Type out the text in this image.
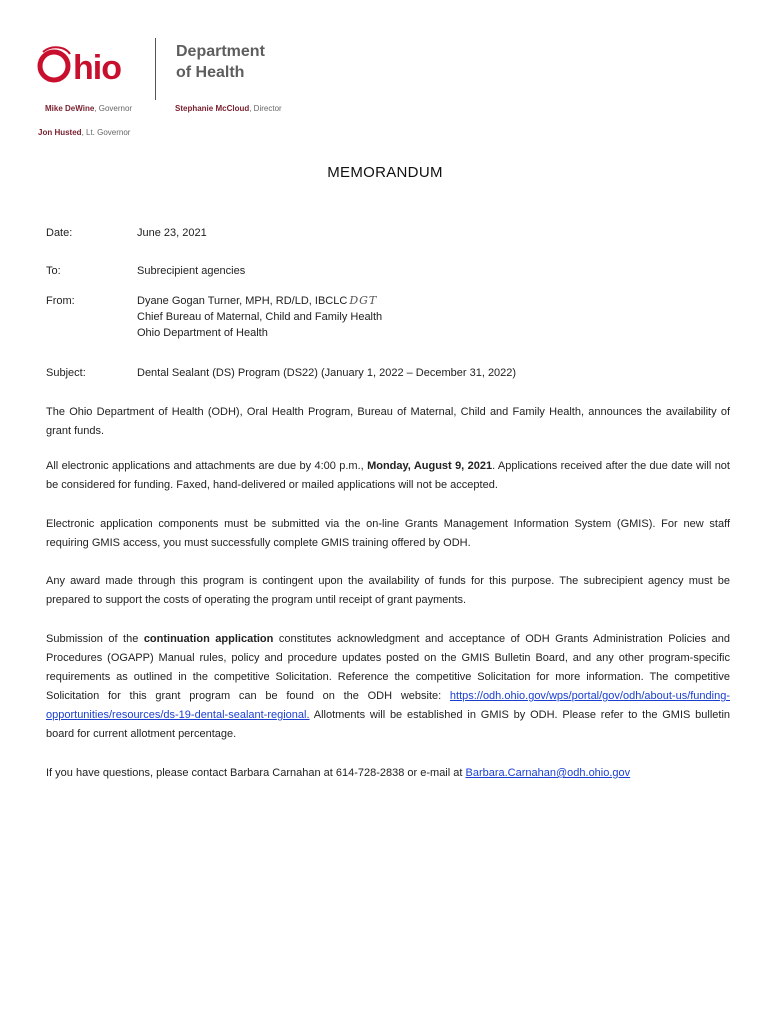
hio	Department
of Health
Mike DeWine, Governor	Stephanie McCloud, Director
Jon Husted, Lt. Governor
MEMORANDUM
Date:	June 23, 2021
To:	Subrecipient agencies
From:	Dyane Gogan Turner, MPH, RD/LD, IBCLC DGT
Chief Bureau of Maternal, Child and Family Health
Ohio Department of Health
Subject:	Dental Sealant (DS) Program (DS22) (January 1, 2022 – December 31, 2022)
The Ohio Department of Health (ODH), Oral Health Program, Bureau of Maternal, Child and Family Health, announces the availability of grant funds.
All electronic applications and attachments are due by 4:00 p.m., Monday, August 9, 2021. Applications received after the due date will not be considered for funding. Faxed, hand-delivered or mailed applications will not be accepted.
Electronic application components must be submitted via the on-line Grants Management Information System (GMIS). For new staff requiring GMIS access, you must successfully complete GMIS training offered by ODH.
Any award made through this program is contingent upon the availability of funds for this purpose. The subrecipient agency must be prepared to support the costs of operating the program until receipt of grant payments.
Submission of the continuation application constitutes acknowledgment and acceptance of ODH Grants Administration Policies and Procedures (OGAPP) Manual rules, policy and procedure updates posted on the GMIS Bulletin Board, and any other program-specific requirements as outlined in the competitive Solicitation. Reference the competitive Solicitation for more information. The competitive Solicitation for this grant program can be found on the ODH website: https://odh.ohio.gov/wps/portal/gov/odh/about-us/funding-opportunities/resources/ds-19-dental-sealant-regional. Allotments will be established in GMIS by ODH. Please refer to the GMIS bulletin board for current allotment percentage.
If you have questions, please contact Barbara Carnahan at 614-728-2838 or e-mail at Barbara.Carnahan@odh.ohio.gov
